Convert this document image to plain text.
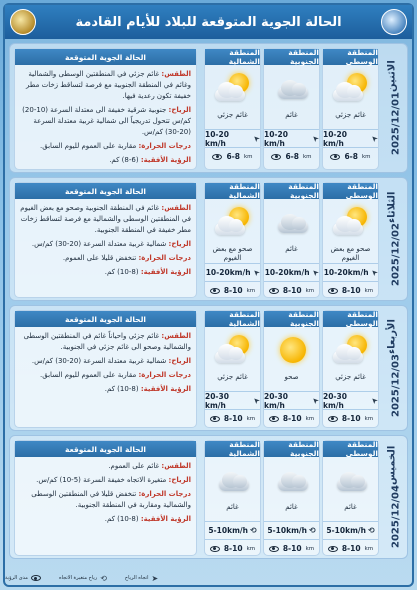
الحالة الجوية المتوقعة للبلاد للأيام القادمة
2025/12/01
الاثنين
المنطقة الوسطى
غائم جزئي
10-20 km/h	➤
6-8 km
المنطقة الجنوبية
غائم
10-20 km/h	➤
6-8 km
المنطقة الشمالية
غائم جزئي
10-20 km/h	➤
6-8 km
الحالة الجوية المتوقعة

الطقس: غائم جزئي في المنطقتين الوسطى والشمالية وغائم في المنطقة الجنوبية مع فرصة لتساقط زخات مطر خفيفة تكون رعدية فيها.

الرياح: جنوبية شرقية خفيفة الى معتدلة السرعة (10-20) كم/س تتحول تدريجياً الى شمالية غربية معتدلة السرعة (20-30) كم/س.

درجات الحرارة: مقاربة على العموم لليوم السابق.

الرؤية الأفقية: (6-8) كم.

2025/12/02
الثلاثاء
المنطقة الوسطى
صحو مع بعض الغيوم
10-20km/h ➤
8-10 km
المنطقة الجنوبية
غائم
10-20km/h ➤
8-10 km
المنطقة الشمالية
صحو مع بعض الغيوم
10-20km/h ➤
8-10 km
الحالة الجوية المتوقعة

الطقس: غائم في المنطقة الجنوبية وصحو مع بعض الغيوم في المنطقتين الوسطى والشمالية مع فرصة لتساقط زخات مطر خفيفة في المنطقة الجنوبية.

الرياح: شمالية غربية معتدلة السرعة (20-30) كم/س.

درجات الحرارة: تنخفض قليلا على العموم.

الرؤية الأفقية: (8-10) كم.

2025/12/03
الأربعاء
المنطقة الوسطى
غائم جزئي
20-30 km/h	➤
8-10 km
المنطقة الجنوبية
صحو
20-30 km/h	➤
8-10 km
المنطقة الشمالية
غائم جزئي
20-30 km/h	➤
8-10 km
الحالة الجوية المتوقعة

الطقس: غائم جزئي واحياناً غائم في المنطقتين الوسطى والشمالية وصحو الى غائم جزئي في الجنوبية.

الرياح: شمالية غربية معتدلة السرعة (20-30) كم/س.

درجات الحرارة: مقاربة على العموم لليوم السابق.

الرؤية الأفقية: (8-10) كم.

2025/12/04
الخميس
المنطقة الوسطى
غائم
5-10km/h ⟲
8-10 km
المنطقة الجنوبية
غائم
5-10km/h ⟲
8-10 km
المنطقة الشمالية
غائم
5-10km/h ⟲
8-10 km
الحالة الجوية المتوقعة

الطقس: غائم على العموم.

الرياح: متغيرة الاتجاه خفيفة السرعة (5-10) كم/س.

درجات الحرارة: تنخفض قليلا في المنطقتين الوسطى والشمالية ومقاربة في المنطقة الجنوبية.

الرؤية الأفقية: (8-10) كم.

➤
اتجاه الرياح
⟲
رياح متغيرة الاتجاه
مدى الرؤية
